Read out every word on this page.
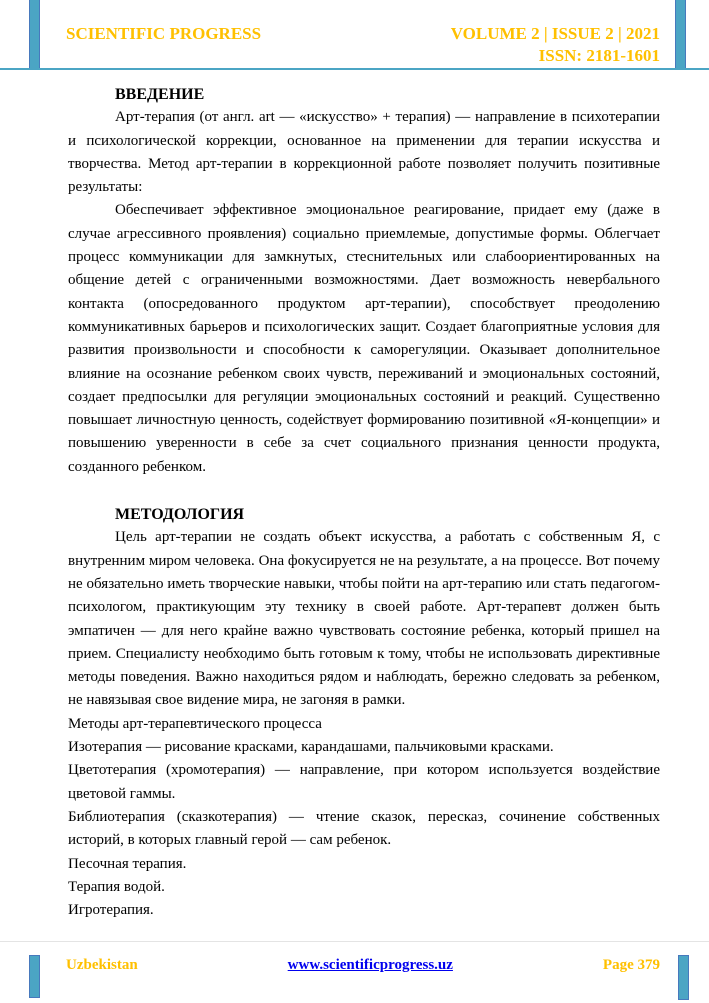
SCIENTIFIC PROGRESS	VOLUME 2 | ISSUE 2 | 2021
ISSN: 2181-1601
ВВЕДЕНИЕ

Арт-терапия (от англ. art — «искусство» + терапия) — направление в психотерапии и психологической коррекции, основанное на применении для терапии искусства и творчества. Метод арт-терапии в коррекционной работе позволяет получить позитивные результаты:

Обеспечивает эффективное эмоциональное реагирование, придает ему (даже в случае агрессивного проявления) социально приемлемые, допустимые формы. Облегчает процесс коммуникации для замкнутых, стеснительных или слабоориентированных на общение детей с ограниченными возможностями. Дает возможность невербального контакта (опосредованного продуктом арт-терапии), способствует преодолению коммуникативных барьеров и психологических защит. Создает благоприятные условия для развития произвольности и способности к саморегуляции. Оказывает дополнительное влияние на осознание ребенком своих чувств, переживаний и эмоциональных состояний, создает предпосылки для регуляции эмоциональных состояний и реакций. Существенно повышает личностную ценность, содействует формированию позитивной «Я-концепции» и повышению уверенности в себе за счет социального признания ценности продукта, созданного ребенком.

МЕТОДОЛОГИЯ

Цель арт-терапии не создать объект искусства, а работать с собственным Я, с внутренним миром человека. Она фокусируется не на результате, а на процессе. Вот почему не обязательно иметь творческие навыки, чтобы пойти на арт-терапию или стать педагогом-психологом, практикующим эту технику в своей работе. Арт-терапевт должен быть эмпатичен — для него крайне важно чувствовать состояние ребенка, который пришел на прием. Специалисту необходимо быть готовым к тому, чтобы не использовать директивные методы поведения. Важно находиться рядом и наблюдать, бережно следовать за ребенком, не навязывая свое видение мира, не загоняя в рамки.

Методы арт-терапевтического процесса

Изотерапия — рисование красками, карандашами, пальчиковыми красками.

Цветотерапия (хромотерапия) — направление, при котором используется воздействие цветовой гаммы.

Библиотерапия (сказкотерапия) — чтение сказок, пересказ, сочинение собственных историй, в которых главный герой — сам ребенок.

Песочная терапия.

Терапия водой.

Игротерапия.

Uzbekistan	www.scientificprogress.uz	Page 379
